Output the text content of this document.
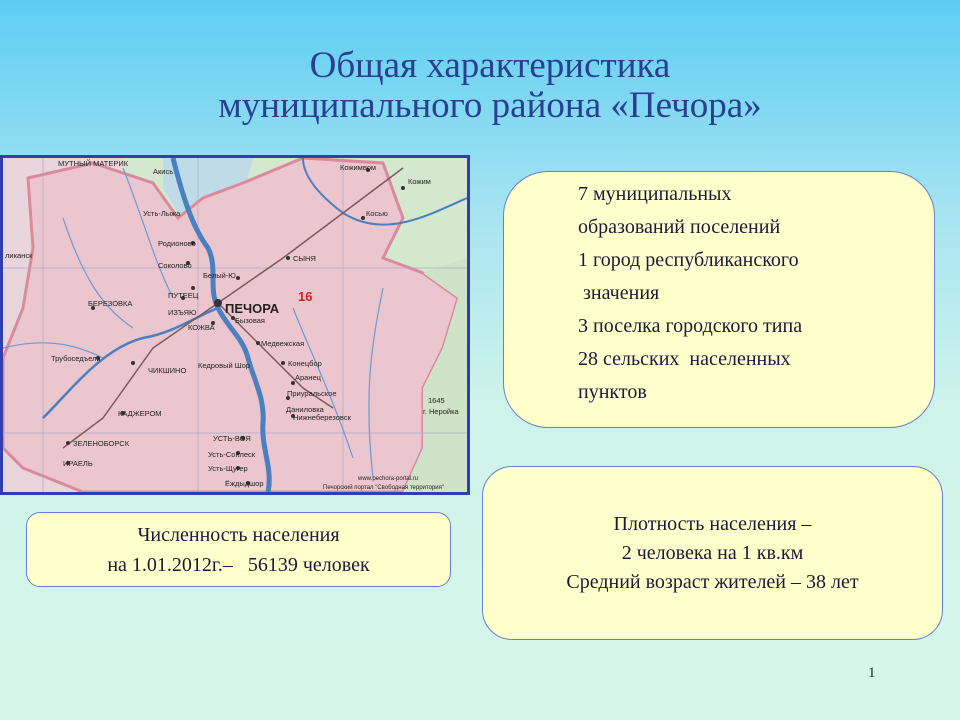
Общая характеристика
муниципального района «Печора»
МУТНЫЙ МАТЕРИК
Акись
Усть-Лыжа
Родионово
Соколово
Белый-Ю
ПУТЕЕЦ
ИЗЪЯЮ ПЕЧОРА
16
СЫНЯ
Кожимвом
Кожим
Косью
БЕРЕЗОВКА
КОЖВА
Бызовая
Медвежская
Трубоседъель
ЧИКШИНО
Конецбор
Кедровый Шор
Аранец
Приуральское
Даниловка
КАДЖЕРОМ	Нижнеберезовск
ЗЕЛЕНОБОРСК
УСТЬ-ВОЯ
Усть-Соплеск
ИРАЕЛЬ
Усть-Щугер
Ёждыдшор
1645
г. Неройка
ликанск
www.pechora-portal.ru
Печорский портал "Свободная территория"
7 муниципальных
образований поселений
1 город республиканского
значения
3 поселка городского типа
28 сельских  населенных
пунктов
Плотность населения –
2 человека на 1 кв.км
Средний возраст жителей – 38 лет
Численность населения
на 1.01.2012г.–   56139 человек
1
